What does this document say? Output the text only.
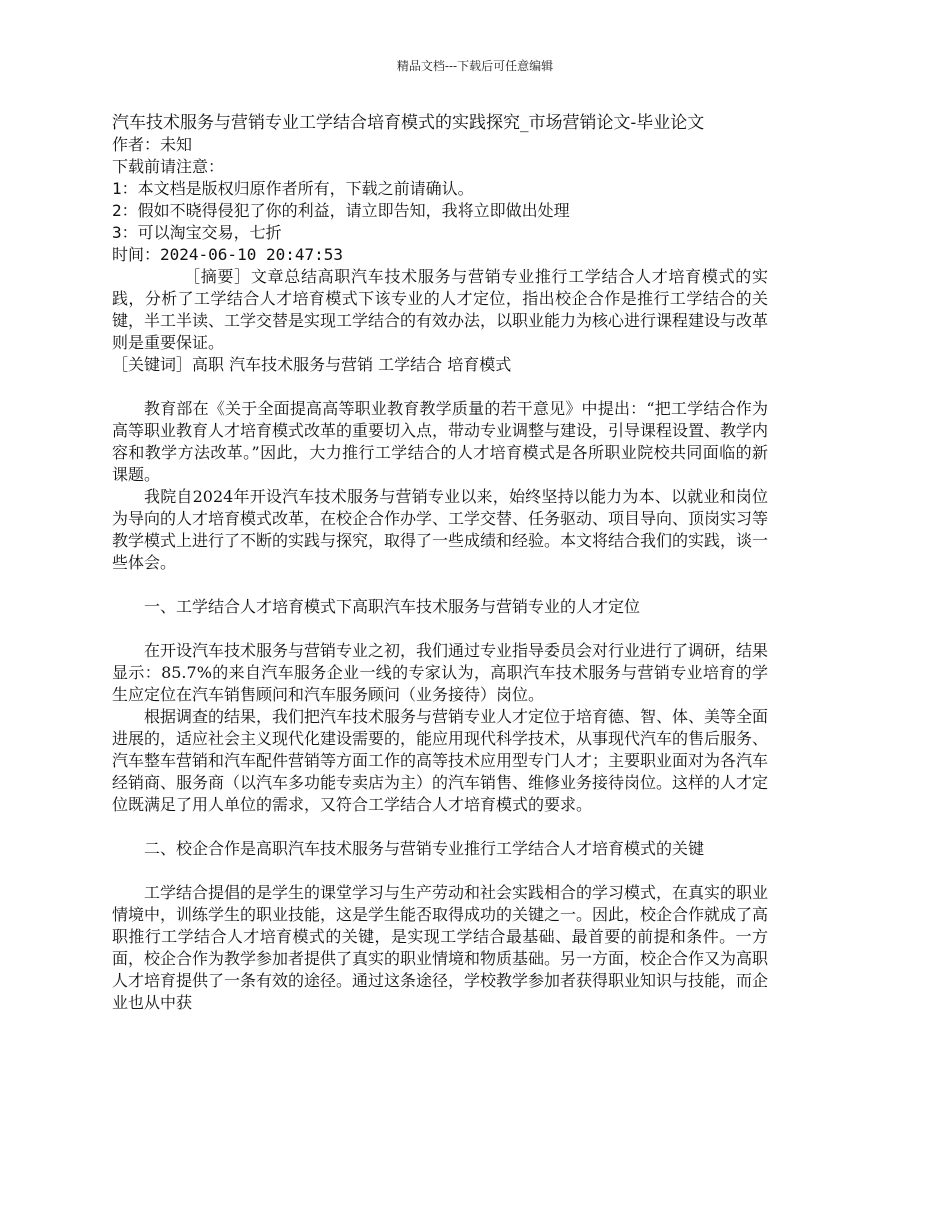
精品文档---下载后可任意编辑

汽车技术服务与营销专业工学结合培育模式的实践探究_市场营销论文-毕业论文

作者：未知

下载前请注意：

1：本文档是版权归原作者所有，下载之前请确认。

2：假如不晓得侵犯了你的利益，请立即告知，我将立即做出处理

3：可以淘宝交易，七折

时间：2024-06-10 20:47:53

［摘要］文章总结高职汽车技术服务与营销专业推行工学结合人才培育模式的实践，分析了工学结合人才培育模式下该专业的人才定位，指出校企合作是推行工学结合的关键，半工半读、工学交替是实现工学结合的有效办法，以职业能力为核心进行课程建设与改革则是重要保证。

［关键词］高职 汽车技术服务与营销 工学结合 培育模式

教育部在《关于全面提高高等职业教育教学质量的若干意见》中提出：“把工学结合作为高等职业教育人才培育模式改革的重要切入点，带动专业调整与建设，引导课程设置、教学内容和教学方法改革。”因此，大力推行工学结合的人才培育模式是各所职业院校共同面临的新课题。

我院自2024年开设汽车技术服务与营销专业以来，始终坚持以能力为本、以就业和岗位为导向的人才培育模式改革，在校企合作办学、工学交替、任务驱动、项目导向、顶岗实习等教学模式上进行了不断的实践与探究，取得了一些成绩和经验。本文将结合我们的实践，谈一些体会。

一、工学结合人才培育模式下高职汽车技术服务与营销专业的人才定位

在开设汽车技术服务与营销专业之初，我们通过专业指导委员会对行业进行了调研，结果显示：85.7%的来自汽车服务企业一线的专家认为，高职汽车技术服务与营销专业培育的学生应定位在汽车销售顾问和汽车服务顾问（业务接待）岗位。

根据调查的结果，我们把汽车技术服务与营销专业人才定位于培育德、智、体、美等全面进展的，适应社会主义现代化建设需要的，能应用现代科学技术，从事现代汽车的售后服务、汽车整车营销和汽车配件营销等方面工作的高等技术应用型专门人才；主要职业面对为各汽车经销商、服务商（以汽车多功能专卖店为主）的汽车销售、维修业务接待岗位。这样的人才定位既满足了用人单位的需求，又符合工学结合人才培育模式的要求。

二、校企合作是高职汽车技术服务与营销专业推行工学结合人才培育模式的关键

工学结合提倡的是学生的课堂学习与生产劳动和社会实践相合的学习模式，在真实的职业情境中，训练学生的职业技能，这是学生能否取得成功的关键之一。因此，校企合作就成了高职推行工学结合人才培育模式的关键，是实现工学结合最基础、最首要的前提和条件。一方面，校企合作为教学参加者提供了真实的职业情境和物质基础。另一方面，校企合作又为高职人才培育提供了一条有效的途径。通过这条途径，学校教学参加者获得职业知识与技能，而企业也从中获
